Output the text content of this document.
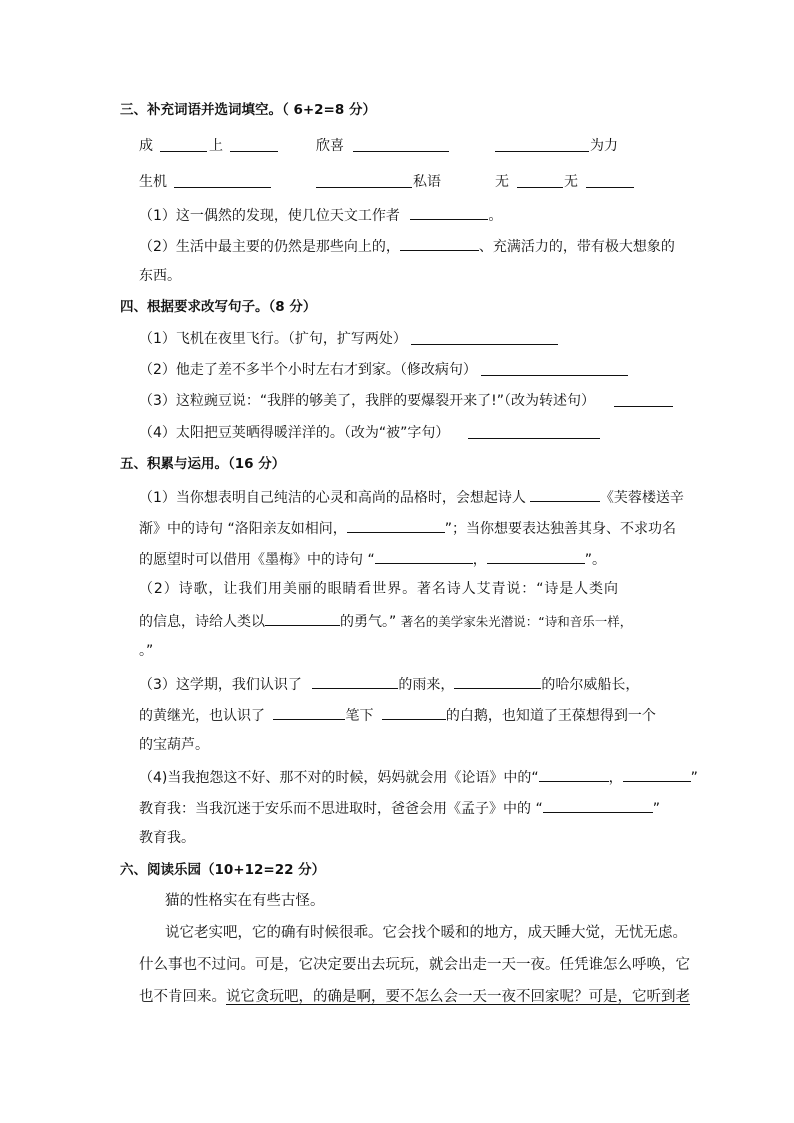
三、补充词语并选词填空。（ 6+2=8 分）
成	上	欣喜	为力
生机	私语	无	无
（1）这一偶然的发现，使几位天文工作者	。
（2）生活中最主要的仍然是那些向上的，	、充满活力的，带有极大想象的
东西。
四、根据要求改写句子。（8 分）
（1）飞机在夜里飞行。（扩句，扩写两处）
（2）他走了差不多半个小时左右才到家。（修改病句）
（3）这粒豌豆说：“我胖的够美了，我胖的要爆裂开来了!”（改为转述句）
（4）太阳把豆荚晒得暖洋洋的。（改为“被”字句）
五、积累与运用。（16 分）
（1）当你想表明自己纯洁的心灵和高尚的品格时，会想起诗人	《芙蓉楼送辛
渐》中的诗句 “洛阳亲友如相问，	”；当你想要表达独善其身、不求功名
的愿望时可以借用《墨梅》中的诗句 “	，	”。
（2）诗歌，让我们用美丽的眼睛看世界。著名诗人艾青说：“诗是人类向
的信息，诗给人类以	的勇气。” 著名的美学家朱光潜说：“诗和音乐一样，
。”
（3）这学期，我们认识了	的雨来，	的哈尔威船长，
的黄继光，也认识了	笔下	的白鹅，也知道了王葆想得到一个
的宝葫芦。
（4)当我抱怨这不好、那不对的时候，妈妈就会用《论语》中的“	，	”
教育我：当我沉迷于安乐而不思进取时，爸爸会用《孟子》中的 “	”
教育我。
六、阅读乐园（10+12=22 分）
猫的性格实在有些古怪。
说它老实吧，它的确有时候很乖。它会找个暖和的地方，成天睡大觉，无忧无虑。
什么事也不过问。可是，它决定要出去玩玩，就会出走一天一夜。任凭谁怎么呼唤，它
也不肯回来。说它贪玩吧，的确是啊，要不怎么会一天一夜不回家呢？可是，它听到老
